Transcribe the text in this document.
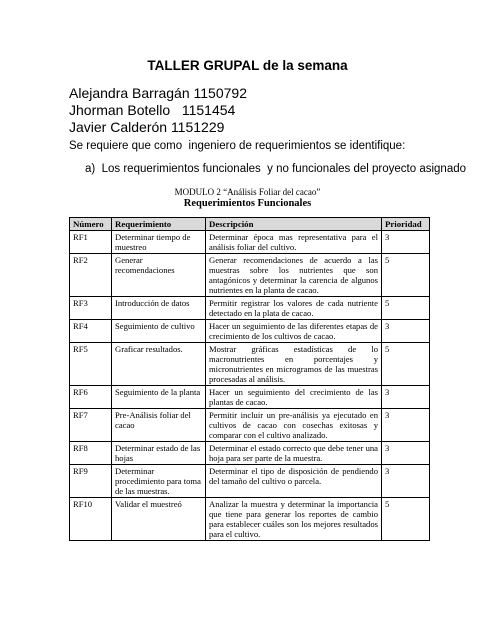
TALLER GRUPAL de la semana
Alejandra Barragán 1150792
Jhorman Botello   1151454
Javier Calderón 1151229
Se requiere que como  ingeniero de requerimientos se identifique:
a)  Los requerimientos funcionales  y no funcionales del proyecto asignado
MODULO 2 “Análisis Foliar del cacao”
Requerimientos Funcionales
Número	Requerimiento	Descripción	Prioridad
RF1	Determinar tiempo de muestreo	Determinar época mas representativa para el análisis foliar del cultivo.	3
RF2	Generar recomendaciones	Generar recomendaciones de acuerdo a las muestras sobre los nutrientes que son antagónicos y determinar la carencia de algunos nutrientes en la planta de cacao.	5
RF3	Introducción de datos	Permitir registrar los valores de cada nutriente detectado en la plata de cacao.	5
RF4	Seguimiento de cultivo	Hacer un seguimiento de las diferentes etapas de crecimiento de los cultivos de cacao.	3
RF5	Graficar resultados.	Mostrar gráficas estadísticas de lo macronutrientes en porcentajes y micronutrientes en microgramos de las muestras procesadas al análisis.	5
RF6	Seguimiento de la planta	Hacer un seguimiento del crecimiento de las plantas de cacao.	3
RF7	Pre-Análisis foliar del cacao	Permitir incluir un pre-análisis ya ejecutado en cultivos de cacao con cosechas exitosas y comparar con el cultivo analizado.	3
RF8	Determinar estado de las hojas	Determinar el estado correcto que debe tener una hoja para ser parte de la muestra.	3
RF9	Determinar procedimiento para toma de las muestras.	Determinar el tipo de disposición de pendiendo del tamaño del cultivo o parcela.	3
RF10	Validar el muestreó	Analizar la muestra y determinar la importancia que tiene para generar los reportes de cambio para establecer cuáles son los mejores resultados para el cultivo.	5
